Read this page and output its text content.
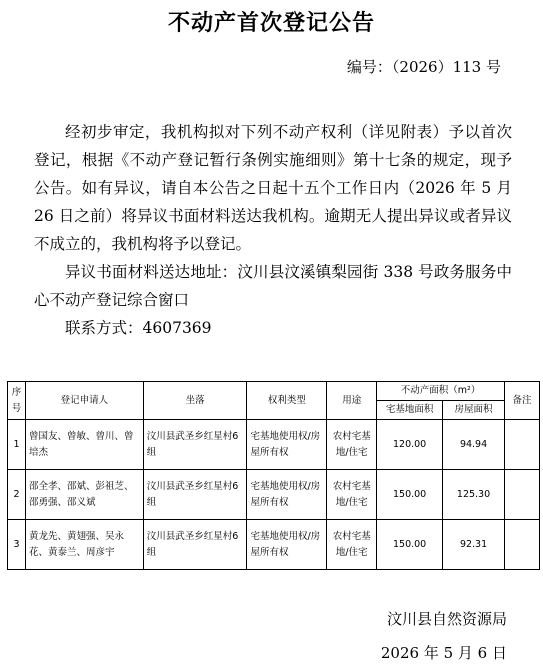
不动产首次登记公告
编号：（2026）113 号

经初步审定，我机构拟对下列不动产权利（详见附表）予以首次登记，根据《不动产登记暂行条例实施细则》第十七条的规定，现予公告。如有异议，请自本公告之日起十五个工作日内（2026 年 5 月 26 日之前）将异议书面材料送达我机构。逾期无人提出异议或者异议不成立的，我机构将予以登记。

异议书面材料送达地址：汶川县汶溪镇梨园街 338 号政务服务中心不动产登记综合窗口

联系方式：4607369

序号	登记申请人	坐落	权利类型	用途	不动产面积（m²）		备注
					宅基地面积	房屋面积	
1	曾国友、曾敏、曾川、曾培杰	汶川县武圣乡红星村6组	宅基地使用权/房屋所有权	农村宅基地/住宅	120.00	94.94	
2	邵全孝、邵斌、彭祖芝、邵勇强、邵义斌	汶川县武圣乡红星村6组	宅基地使用权/房屋所有权	农村宅基地/住宅	150.00	125.30	
3	黄龙先、黄翅强、吴永花、黄泰兰、周彦宇	汶川县武圣乡红星村6组	宅基地使用权/房屋所有权	农村宅基地/住宅	150.00	92.31	
汶川县自然资源局
2026 年 5 月 6 日
